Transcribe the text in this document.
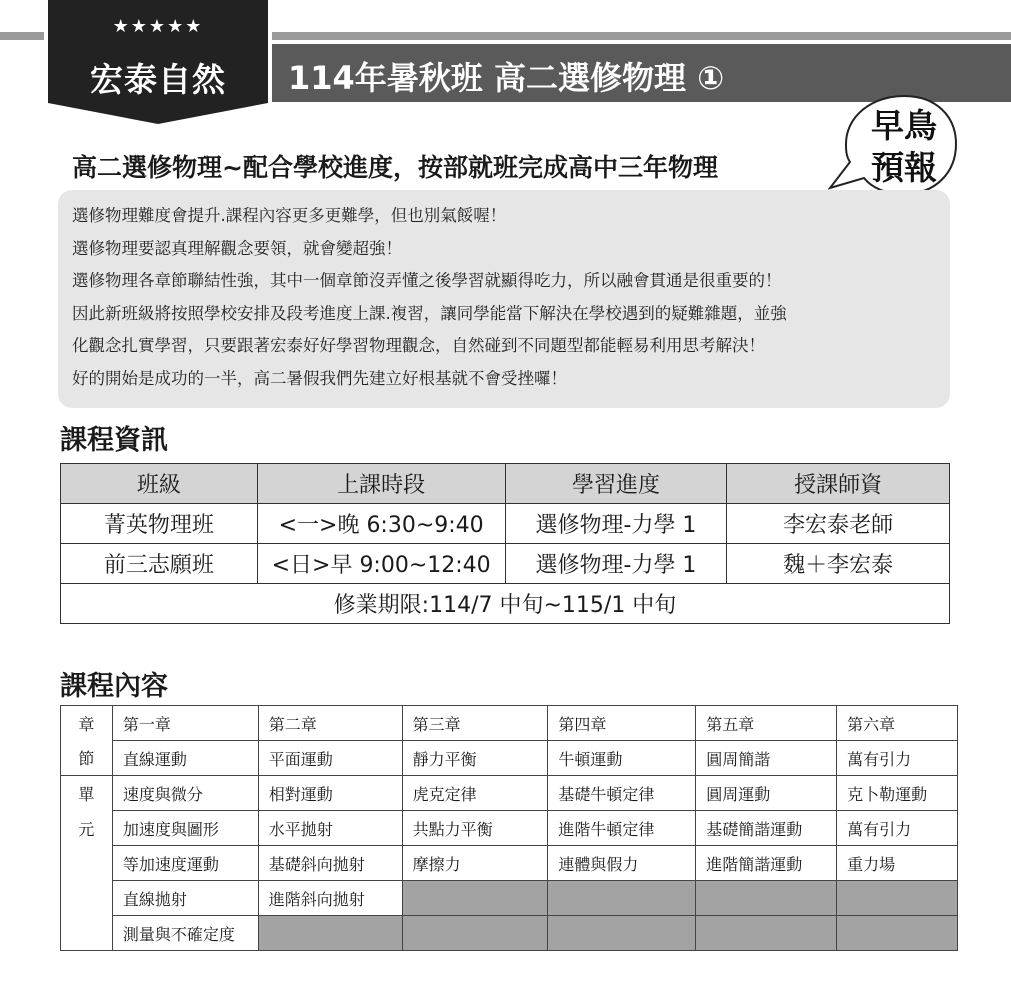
114年暑秋班 高二選修物理 ①
★★★★★
宏泰自然
早鳥
預報
高二選修物理~配合學校進度，按部就班完成高中三年物理

選修物理難度會提升.課程內容更多更難學，但也別氣餒喔！

選修物理要認真理解觀念要領，就會變超強！

選修物理各章節聯結性強，其中一個章節沒弄懂之後學習就顯得吃力，所以融會貫通是很重要的！

因此新班級將按照學校安排及段考進度上課.複習，讓同學能當下解決在學校遇到的疑難雜題，並強

化觀念扎實學習，只要跟著宏泰好好學習物理觀念，自然碰到不同題型都能輕易利用思考解決！

好的開始是成功的一半，高二暑假我們先建立好根基就不會受挫囉！

課程資訊
班級	上課時段	學習進度	授課師資
菁英物理班	<一>晚 6:30~9:40	選修物理-力學 1	李宏泰老師
前三志願班	<日>早 9:00~12:40	選修物理-力學 1	魏＋李宏泰
修業期限:114/7 中旬~115/1 中旬			
課程內容
章	第一章	第二章	第三章	第四章	第五章	第六章
節	直線運動	平面運動	靜力平衡	牛頓運動	圓周簡諧	萬有引力
單	速度與微分	相對運動	虎克定律	基礎牛頓定律	圓周運動	克卜勒運動
元	加速度與圖形	水平拋射	共點力平衡	進階牛頓定律	基礎簡諧運動	萬有引力
	等加速度運動	基礎斜向拋射	摩擦力	連體與假力	進階簡諧運動	重力場
	直線拋射	進階斜向拋射				
	測量與不確定度					
